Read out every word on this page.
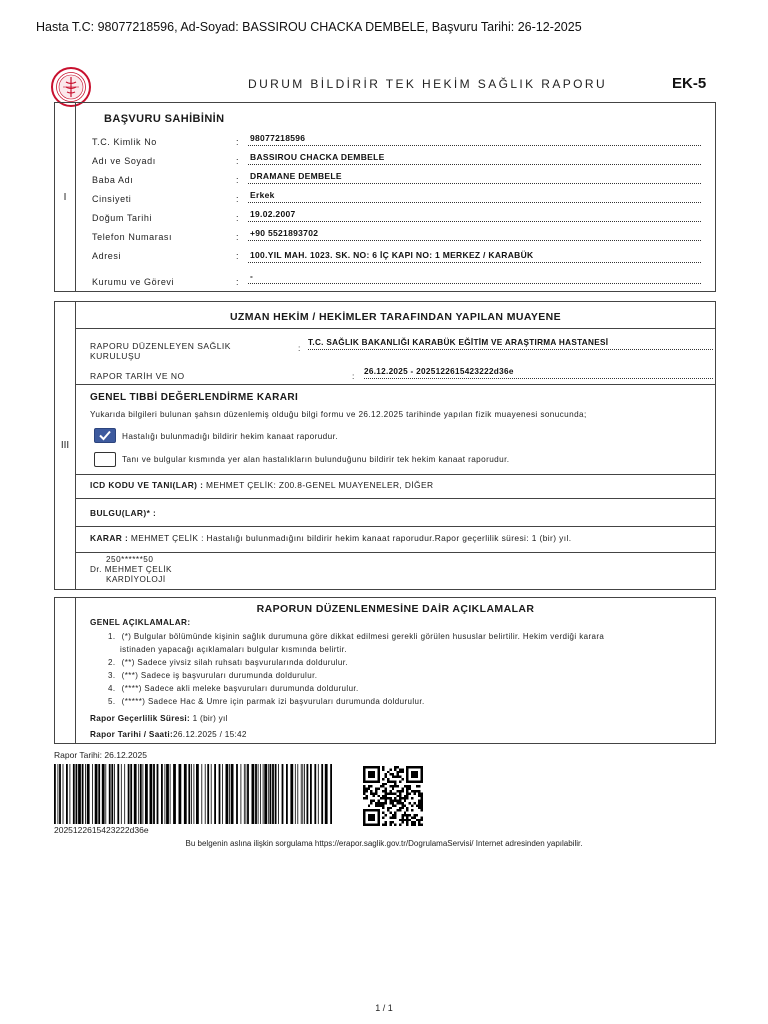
Hasta T.C: 98077218596, Ad-Soyad: BASSIROU CHACKA DEMBELE, Başvuru Tarihi: 26-12-2025
DURUM BİLDİRİR TEK HEKİM SAĞLIK RAPORU	EK-5
I
BAŞVURU SAHİBİNİN
T.C. Kimlik No	: 98077218596
Adı ve Soyadı	: BASSIROU CHACKA DEMBELE
Baba Adı	: DRAMANE DEMBELE
Cinsiyeti	: Erkek
Doğum Tarihi	: 19.02.2007
Telefon Numarası	: +90 5521893702
Adresi	: 100.YIL MAH. 1023. SK. NO: 6 İÇ KAPI NO: 1 MERKEZ / KARABÜK
Kurumu ve Görevi	:
-
III
UZMAN HEKİM / HEKİMLER TARAFINDAN YAPILAN MUAYENE
RAPORU DÜZENLEYEN SAĞLIK
KURULUŞU
:
T.C. SAĞLIK BAKANLIĞI KARABÜK EĞİTİM VE ARAŞTIRMA HASTANESİ
RAPOR TARİH VE NO	: 26.12.2025 - 2025122615423222d36e
GENEL TIBBİ DEĞERLENDİRME KARARI
Yukarıda bilgileri bulunan şahsın düzenlemiş olduğu bilgi formu ve 26.12.2025 tarihinde yapılan fizik muayenesi sonucunda;
Hastalığı bulunmadığı bildirir hekim kanaat raporudur.
Tanı ve bulgular kısmında yer alan hastalıkların bulunduğunu bildirir tek hekim kanaat raporudur.
ICD KODU VE TANI(LAR) : MEHMET ÇELİK: Z00.8-GENEL MUAYENELER, DİĞER
BULGU(LAR)* :
KARAR : MEHMET ÇELİK : Hastalığı bulunmadığını bildirir hekim kanaat raporudur.Rapor geçerlilik süresi: 1 (bir) yıl.
250******50
Dr. MEHMET ÇELİK
KARDİYOLOJİ
RAPORUN DÜZENLENMESİNE DAİR AÇIKLAMALAR
GENEL AÇIKLAMALAR:
1. (*) Bulgular bölümünde kişinin sağlık durumuna göre dikkat edilmesi gerekli görülen hususlar belirtilir. Hekim verdiği karara
istinaden yapacağı açıklamaları bulgular kısmında belirtir.
2. (**) Sadece yivsiz silah ruhsatı başvurularında doldurulur.
3. (***) Sadece iş başvuruları durumunda doldurulur.
4. (****) Sadece akli meleke başvuruları durumunda doldurulur.
5. (*****) Sadece Hac & Umre için parmak izi başvuruları durumunda doldurulur.
Rapor Geçerlilik Süresi: 1 (bir) yıl
Rapor Tarihi / Saati:26.12.2025 / 15:42
Rapor Tarihi: 26.12.2025
2025122615423222d36e
Bu belgenin aslına ilişkin sorgulama https://erapor.saglik.gov.tr/DogrulamaServisi/ Internet adresinden yapılabilir.
1 / 1
